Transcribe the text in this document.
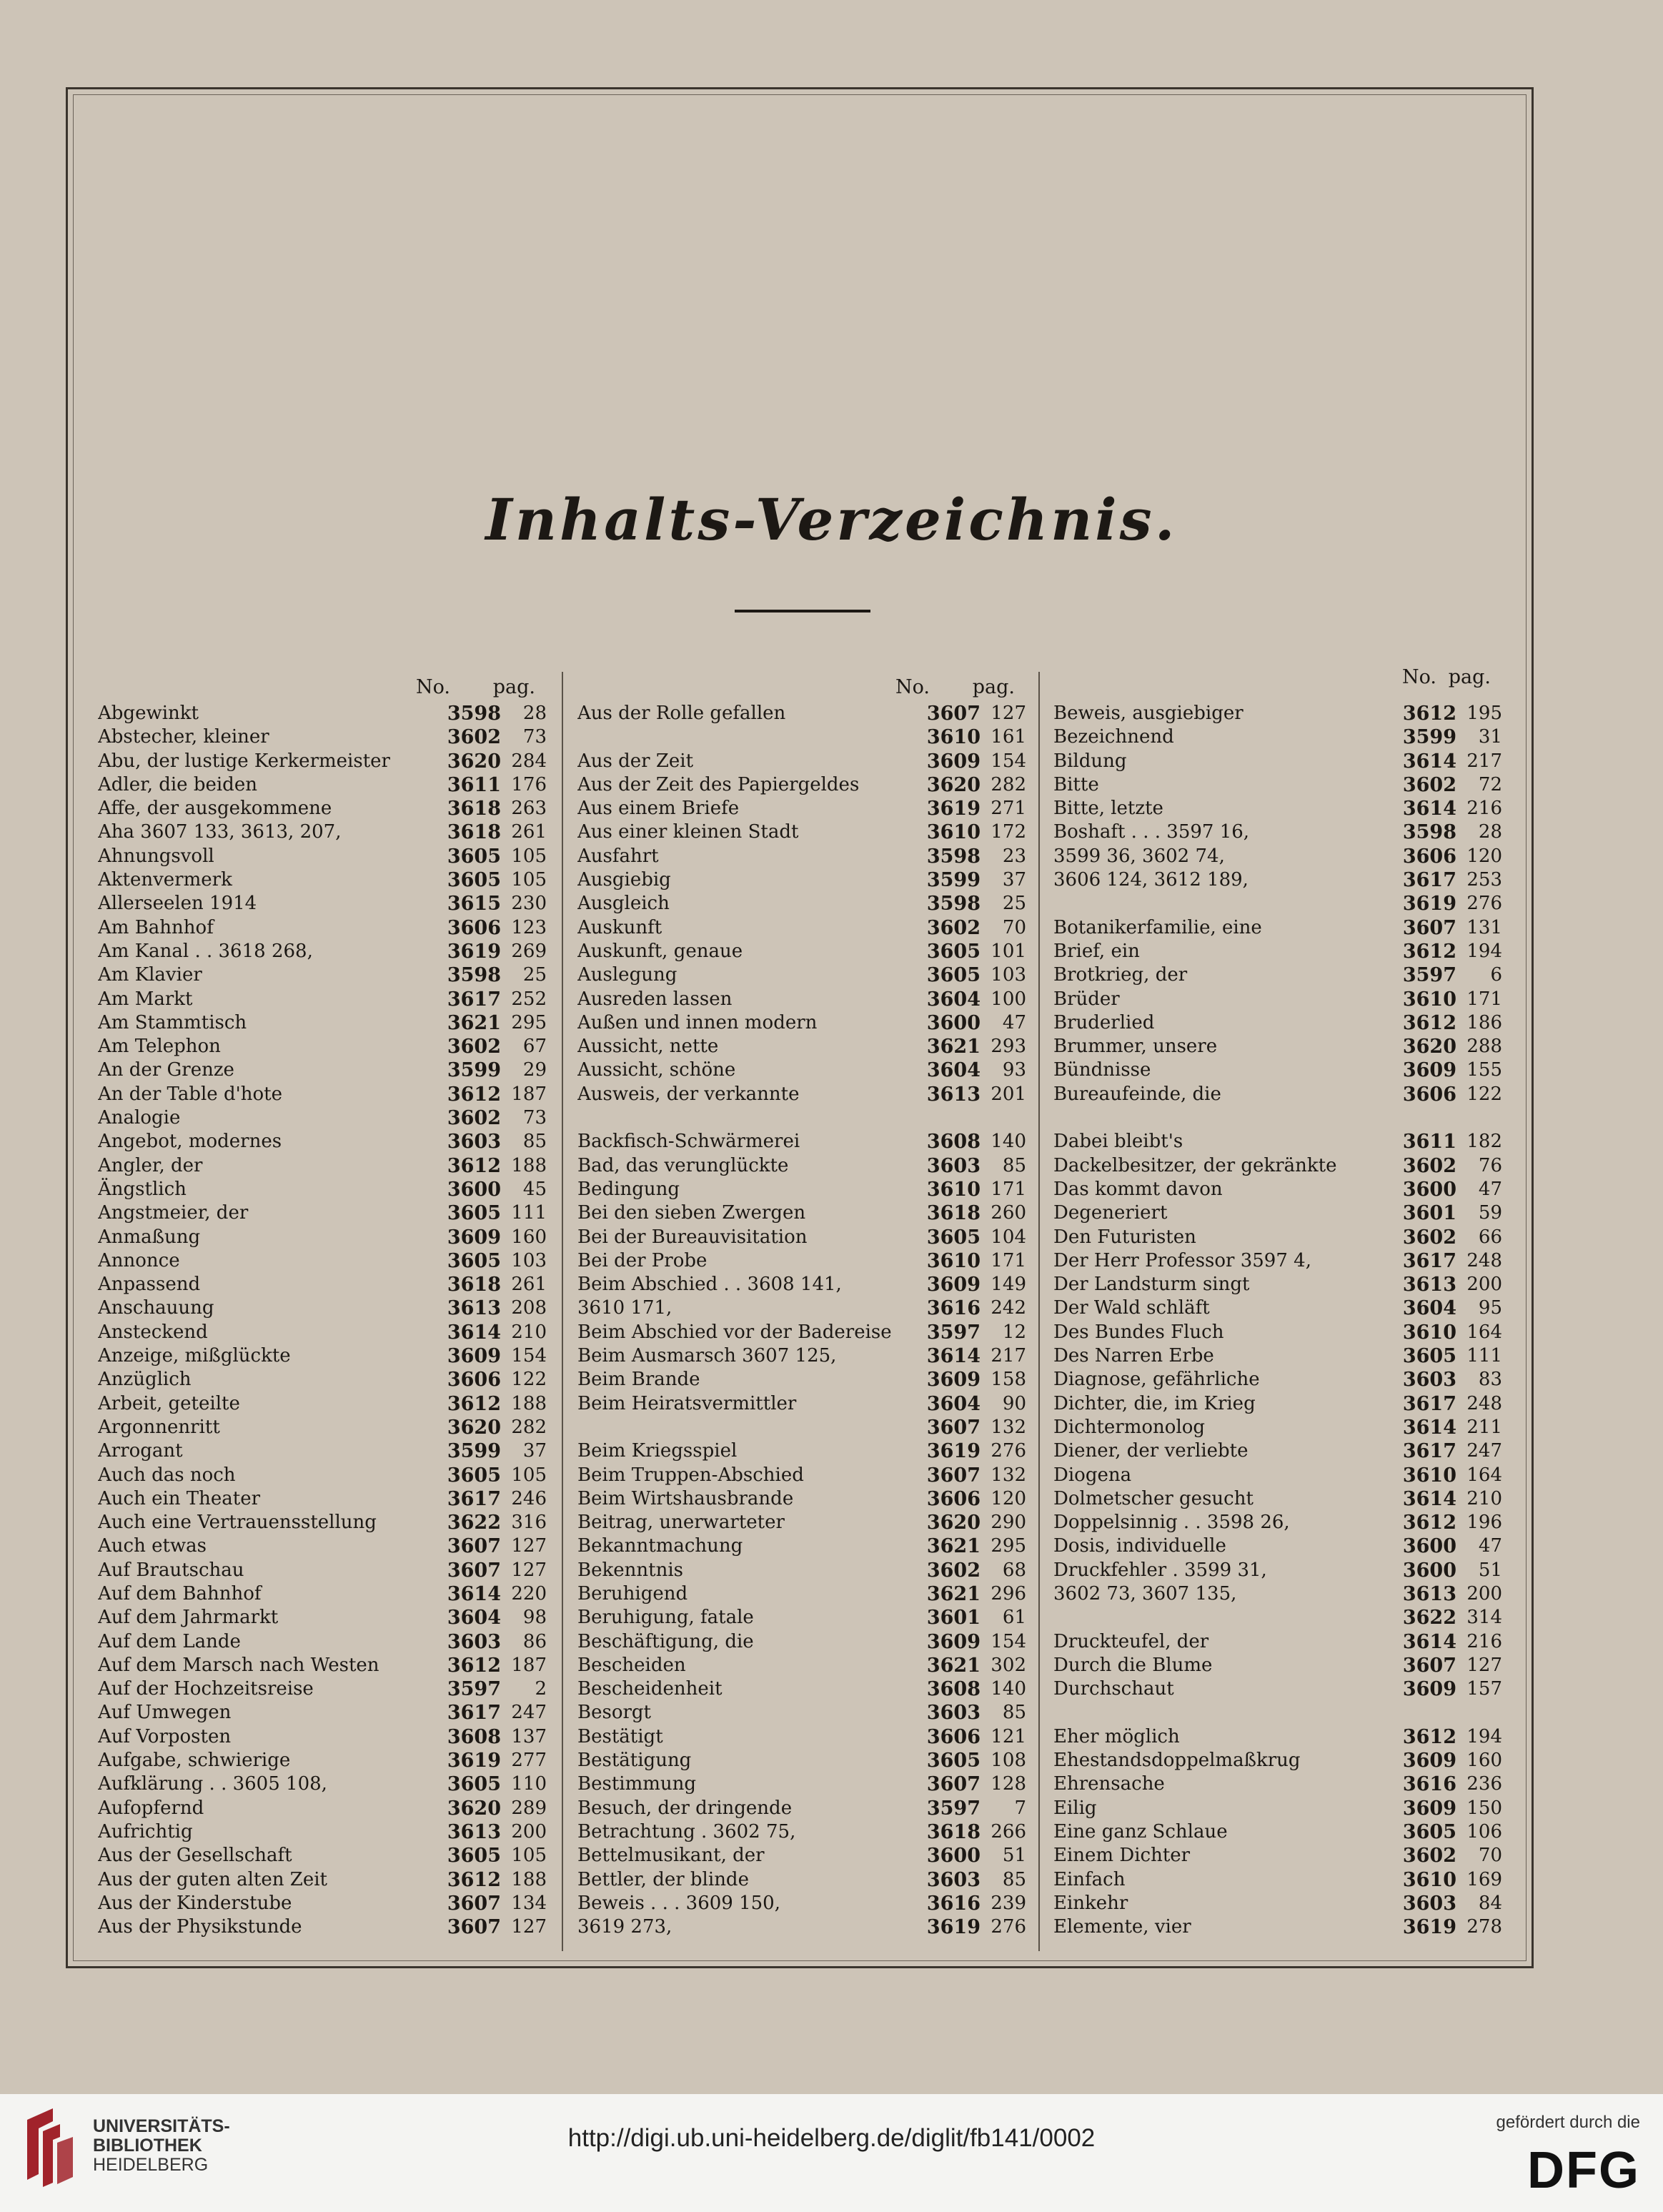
Inhalts-Verzeichnis.
No. pag.
Abgewinkt	3598	28
Abstecher, kleiner	3602	73
Abu, der lustige Kerkermeister	3620 284
Adler, die beiden	3611 176
Affe, der ausgekommene	3618 263
Aha 3607 133, 3613, 207,	3618 261
Ahnungsvoll	3605 105
Aktenvermerk	3605 105
Allerseelen 1914	3615 230
Am Bahnhof	3606 123
Am Kanal . . 3618 268,	3619 269
Am Klavier	3598	25
Am Markt	3617 252
Am Stammtisch	3621 295
Am Telephon	3602	67
An der Grenze	3599	29
An der Table d'hote	3612 187
Analogie	3602	73
Angebot, modernes	3603	85
Angler, der	3612 188
Ängstlich	3600	45
Angstmeier, der	3605 111
Anmaßung	3609 160
Annonce	3605 103
Anpassend	3618 261
Anschauung	3613 208
Ansteckend	3614 210
Anzeige, mißglückte	3609 154
Anzüglich	3606 122
Arbeit, geteilte	3612 188
Argonnenritt	3620 282
Arrogant	3599	37
Auch das noch	3605 105
Auch ein Theater	3617 246
Auch eine Vertrauensstellung	3622 316
Auch etwas	3607 127
Auf Brautschau	3607 127
Auf dem Bahnhof	3614 220
Auf dem Jahrmarkt	3604	98
Auf dem Lande	3603	86
Auf dem Marsch nach Westen	3612 187
Auf der Hochzeitsreise	3597	2
Auf Umwegen	3617 247
Auf Vorposten	3608 137
Aufgabe, schwierige	3619 277
Aufklärung . . 3605 108,	3605 110
Aufopfernd	3620 289
Aufrichtig	3613 200
Aus der Gesellschaft	3605 105
Aus der guten alten Zeit	3612 188
Aus der Kinderstube	3607 134
Aus der Physikstunde	3607 127
No. pag.
Aus der Rolle gefallen	3607 127
3610 161
Aus der Zeit	3609 154
Aus der Zeit des Papiergeldes	3620 282
Aus einem Briefe	3619 271
Aus einer kleinen Stadt	3610 172
Ausfahrt	3598	23
Ausgiebig	3599	37
Ausgleich	3598	25
Auskunft	3602	70
Auskunft, genaue	3605 101
Auslegung	3605 103
Ausreden lassen	3604 100
Außen und innen modern	3600	47
Aussicht, nette	3621 293
Aussicht, schöne	3604	93
Ausweis, der verkannte	3613 201
Backfisch-Schwärmerei	3608 140
Bad, das verunglückte	3603	85
Bedingung	3610 171
Bei den sieben Zwergen	3618 260
Bei der Bureauvisitation	3605 104
Bei der Probe	3610 171
Beim Abschied . . 3608 141,	3609 149
3610 171,	3616 242
Beim Abschied vor der Badereise 3597	12
Beim Ausmarsch 3607 125,	3614 217
Beim Brande	3609 158
Beim Heiratsvermittler	3604	90
3607 132
Beim Kriegsspiel	3619 276
Beim Truppen-Abschied	3607 132
Beim Wirtshausbrande	3606 120
Beitrag, unerwarteter	3620 290
Bekanntmachung	3621 295
Bekenntnis	3602	68
Beruhigend	3621 296
Beruhigung, fatale	3601	61
Beschäftigung, die	3609 154
Bescheiden	3621 302
Bescheidenheit	3608 140
Besorgt	3603	85
Bestätigt	3606 121
Bestätigung	3605 108
Bestimmung	3607 128
Besuch, der dringende	3597	7
Betrachtung . 3602 75,	3618 266
Bettelmusikant, der	3600	51
Bettler, der blinde	3603	85
Beweis . . . 3609 150,	3616 239
3619 273,	3619 276
No. pag.
Beweis, ausgiebiger	3612 195
Bezeichnend	3599	31
Bildung	3614 217
Bitte	3602	72
Bitte, letzte	3614 216
Boshaft . . . 3597 16,	3598	28
3599 36, 3602 74,	3606 120
3606 124, 3612 189,	3617 253
3619 276
Botanikerfamilie, eine	3607 131
Brief, ein	3612 194
Brotkrieg, der	3597	6
Brüder	3610 171
Bruderlied	3612 186
Brummer, unsere	3620 288
Bündnisse	3609 155
Bureaufeinde, die	3606 122
Dabei bleibt's	3611 182
Dackelbesitzer, der gekränkte	3602	76
Das kommt davon	3600	47
Degeneriert	3601	59
Den Futuristen	3602	66
Der Herr Professor 3597 4,	3617 248
Der Landsturm singt	3613 200
Der Wald schläft	3604	95
Des Bundes Fluch	3610 164
Des Narren Erbe	3605 111
Diagnose, gefährliche	3603	83
Dichter, die, im Krieg	3617 248
Dichtermonolog	3614 211
Diener, der verliebte	3617 247
Diogena	3610 164
Dolmetscher gesucht	3614 210
Doppelsinnig . . 3598 26,	3612 196
Dosis, individuelle	3600	47
Druckfehler . 3599 31,	3600	51
3602 73, 3607 135,	3613 200
3622 314
Druckteufel, der	3614 216
Durch die Blume	3607 127
Durchschaut	3609 157
Eher möglich	3612 194
Ehestandsdoppelmaßkrug	3609 160
Ehrensache	3616 236
Eilig	3609 150
Eine ganz Schlaue	3605 106
Einem Dichter	3602	70
Einfach	3610 169
Einkehr	3603	84
Elemente, vier	3619 278
UNIVERSITÄTS-
BIBLIOTHEK
HEIDELBERG
http://digi.ub.uni-heidelberg.de/diglit/fb141/0002
gefördert durch die
DFG
